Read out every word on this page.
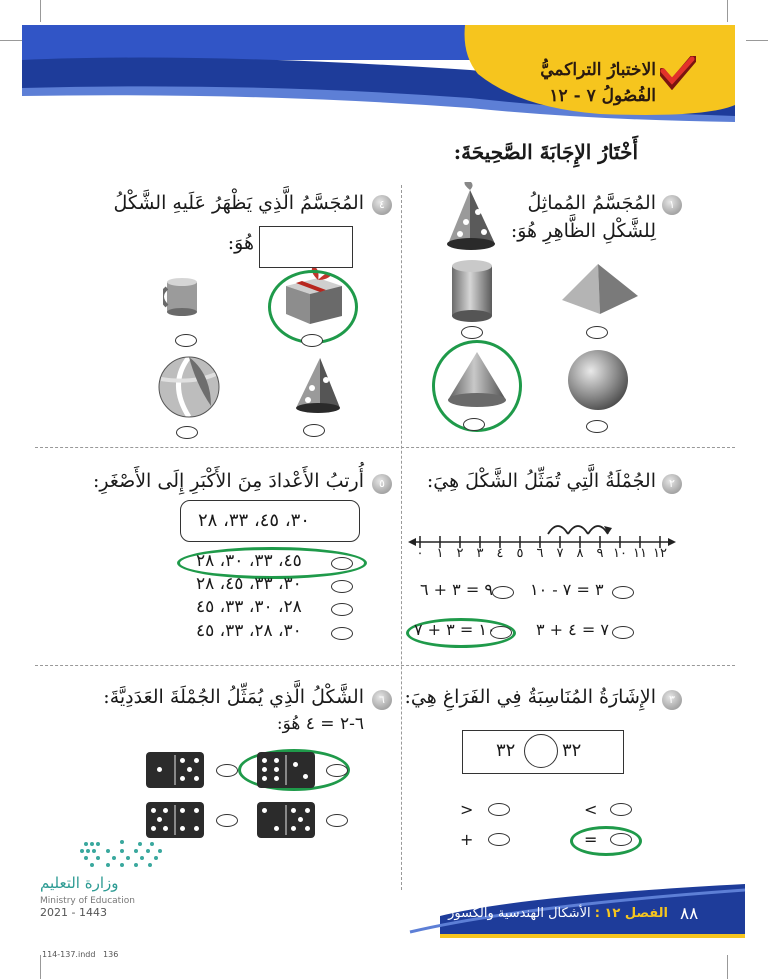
الاختبارُ التراكميُّ
الفُصُولُ ٧ - ١٢
أَخْتَارُ الإِجَابَةَ الصَّحِيحَةَ:
١
المُجَسَّمُ المُماثِلُ
لِلشَّكْلِ الظَّاهِرِ هُوَ:
٤
المُجَسَّمُ الَّذِي يَظْهَرُ عَلَيهِ الشَّكْلُ
هُوَ:
٢
الجُمْلَةُ الَّتِي تُمَثِّلُ الشَّكْلَ هِيَ:
٠	١	٢	٣	٤	٥	٦	٧	٨	٩ ١٠ ١١ ١٢
٣ = ٧ - ١٠
٩ = ٣ + ٦
٧ = ٤ + ٣
١٠ = ٣ + ٧
٥
أُرتبُ الأَعْدادَ مِنَ الأَكْبَرِ إِلَى الأَصْغَرِ:
٣٠، ٤٥، ٣٣، ٢٨
٤٥، ٣٣، ٣٠، ٢٨
٣٠، ٣٣، ٤٥، ٢٨
٢٨، ٣٠، ٣٣، ٤٥
٣٠، ٢٨، ٣٣، ٤٥
٣
الإِشَارَةُ المُنَاسِبَةُ فِي الفَرَاغِ هِيَ:
٣٢	٣٢
>	<
+	=
٦
الشَّكْلُ الَّذِي يُمَثِّلُ الجُمْلَةَ العَدَدِيَّةَ:
٦-٢ = ٤ هُوَ:
وزارة التعليم
Ministry of Education
2021 - 1443	٨٨
الفصل ١٢ : الأشكال الهندسية والكسور
114-137.indd   136
